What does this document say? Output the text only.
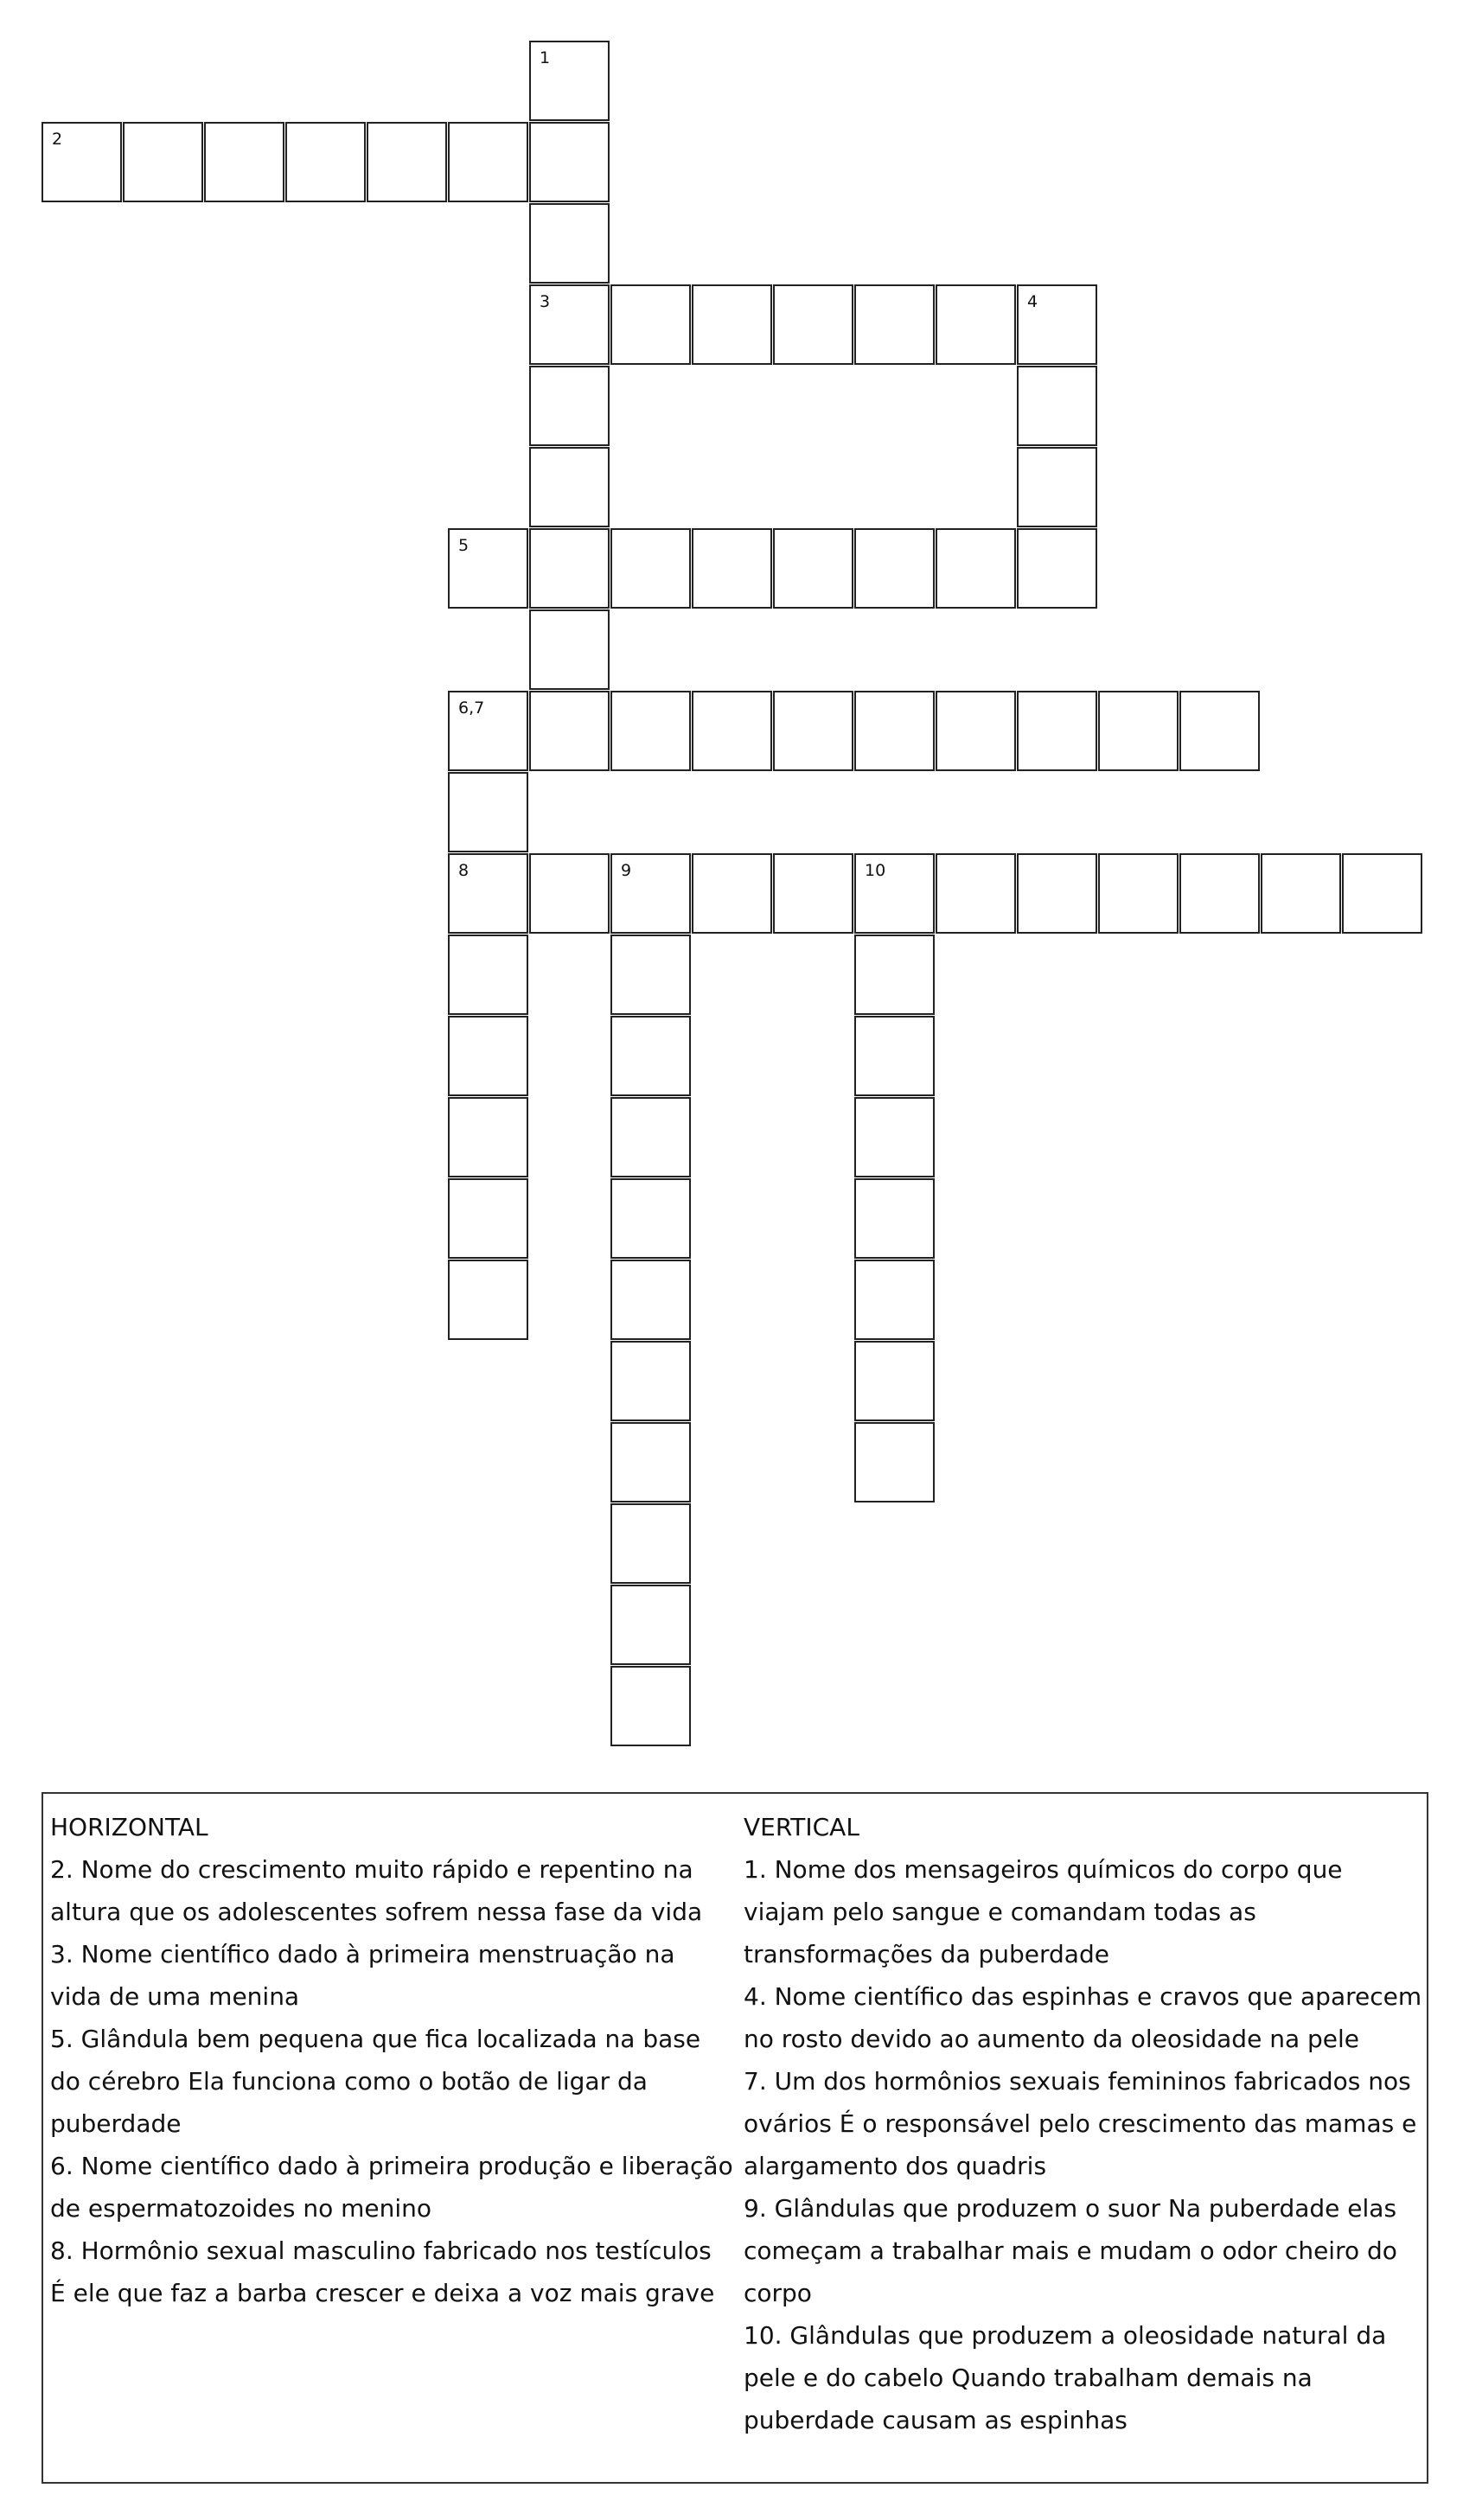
2
1
3	4
5
6,7
8	9	10

HORIZONTAL

2. Nome do crescimento muito rápido e repentino na altura que os adolescentes sofrem nessa fase da vida

3. Nome científico dado à primeira menstruação na vida de uma menina

5. Glândula bem pequena que fica localizada na base do cérebro Ela funciona como o botão de ligar da puberdade

6. Nome científico dado à primeira produção e liberação de espermatozoides no menino

8. Hormônio sexual masculino fabricado nos testículos É ele que faz a barba crescer e deixa a voz mais grave

VERTICAL

1. Nome dos mensageiros químicos do corpo que viajam pelo sangue e comandam todas as transformações da puberdade

4. Nome científico das espinhas e cravos que aparecem no rosto devido ao aumento da oleosidade na pele

7. Um dos hormônios sexuais femininos fabricados nos ovários É o responsável pelo crescimento das mamas e alargamento dos quadris

9. Glândulas que produzem o suor Na puberdade elas começam a trabalhar mais e mudam o odor cheiro do corpo

10. Glândulas que produzem a oleosidade natural da pele e do cabelo Quando trabalham demais na puberdade causam as espinhas
